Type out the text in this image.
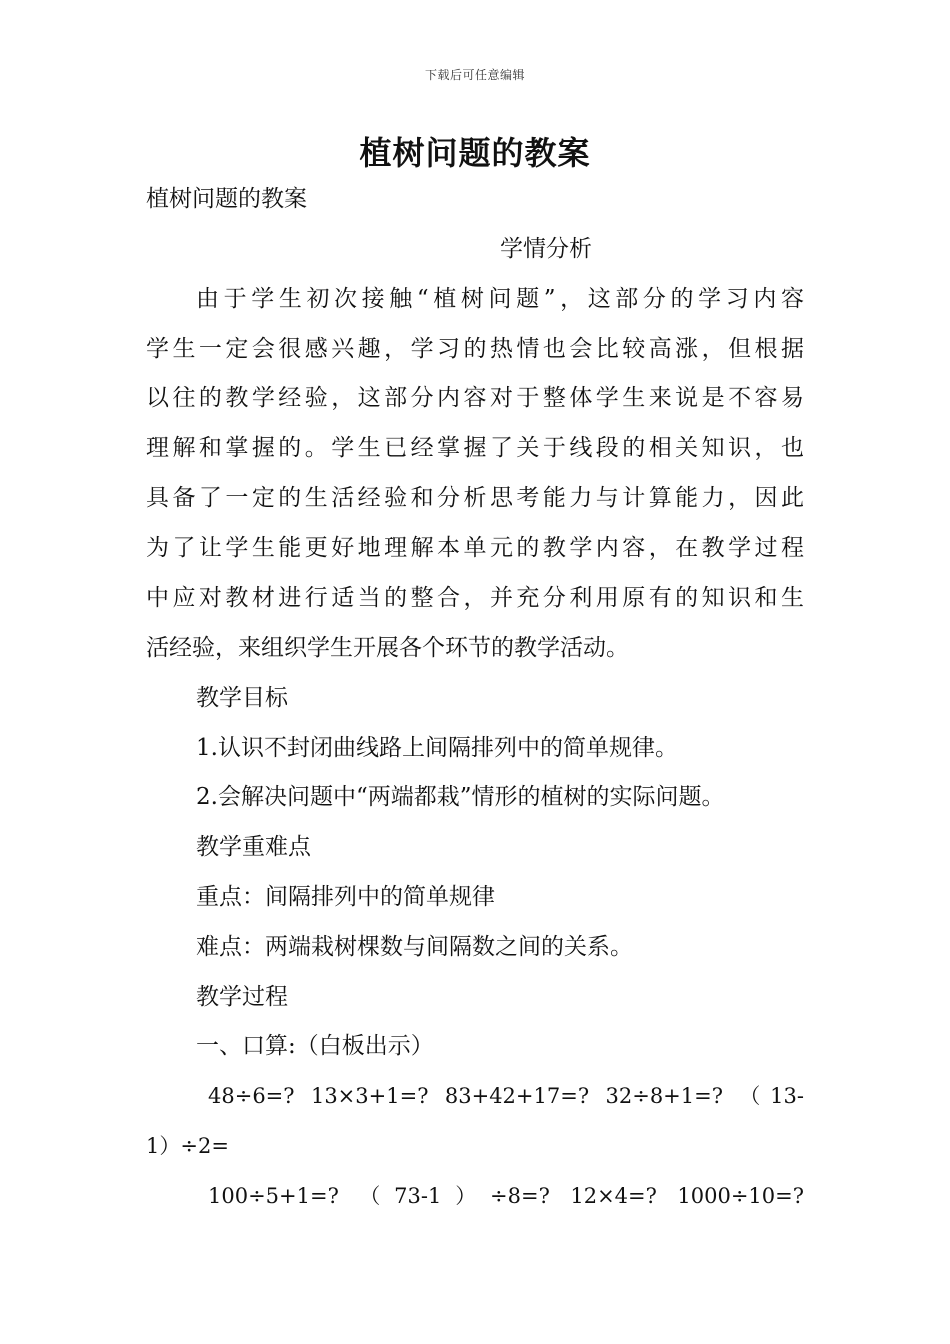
下载后可任意编辑
植树问题的教案
植树问题的教案
学情分析
由于学生初次接触“植树问题”，这部分的学习内容
学生一定会很感兴趣，学习的热情也会比较高涨，但根据
以往的教学经验，这部分内容对于整体学生来说是不容易
理解和掌握的。学生已经掌握了关于线段的相关知识，也
具备了一定的生活经验和分析思考能力与计算能力，因此
为了让学生能更好地理解本单元的教学内容，在教学过程
中应对教材进行适当的整合，并充分利用原有的知识和生
活经验，来组织学生开展各个环节的教学活动。
教学目标
1.认识不封闭曲线路上间隔排列中的简单规律。
2.会解决问题中“两端都栽”情形的植树的实际问题。
教学重难点
重点：间隔排列中的简单规律
难点：两端栽树棵数与间隔数之间的关系。
教学过程
一、口算:（白板出示）
48÷6=? 13×3+1=? 83+42+17=? 32÷8+1=? （13-
1）÷2=
100÷5+1=? （73-1）÷8=? 12×4=? 1000÷10=?
